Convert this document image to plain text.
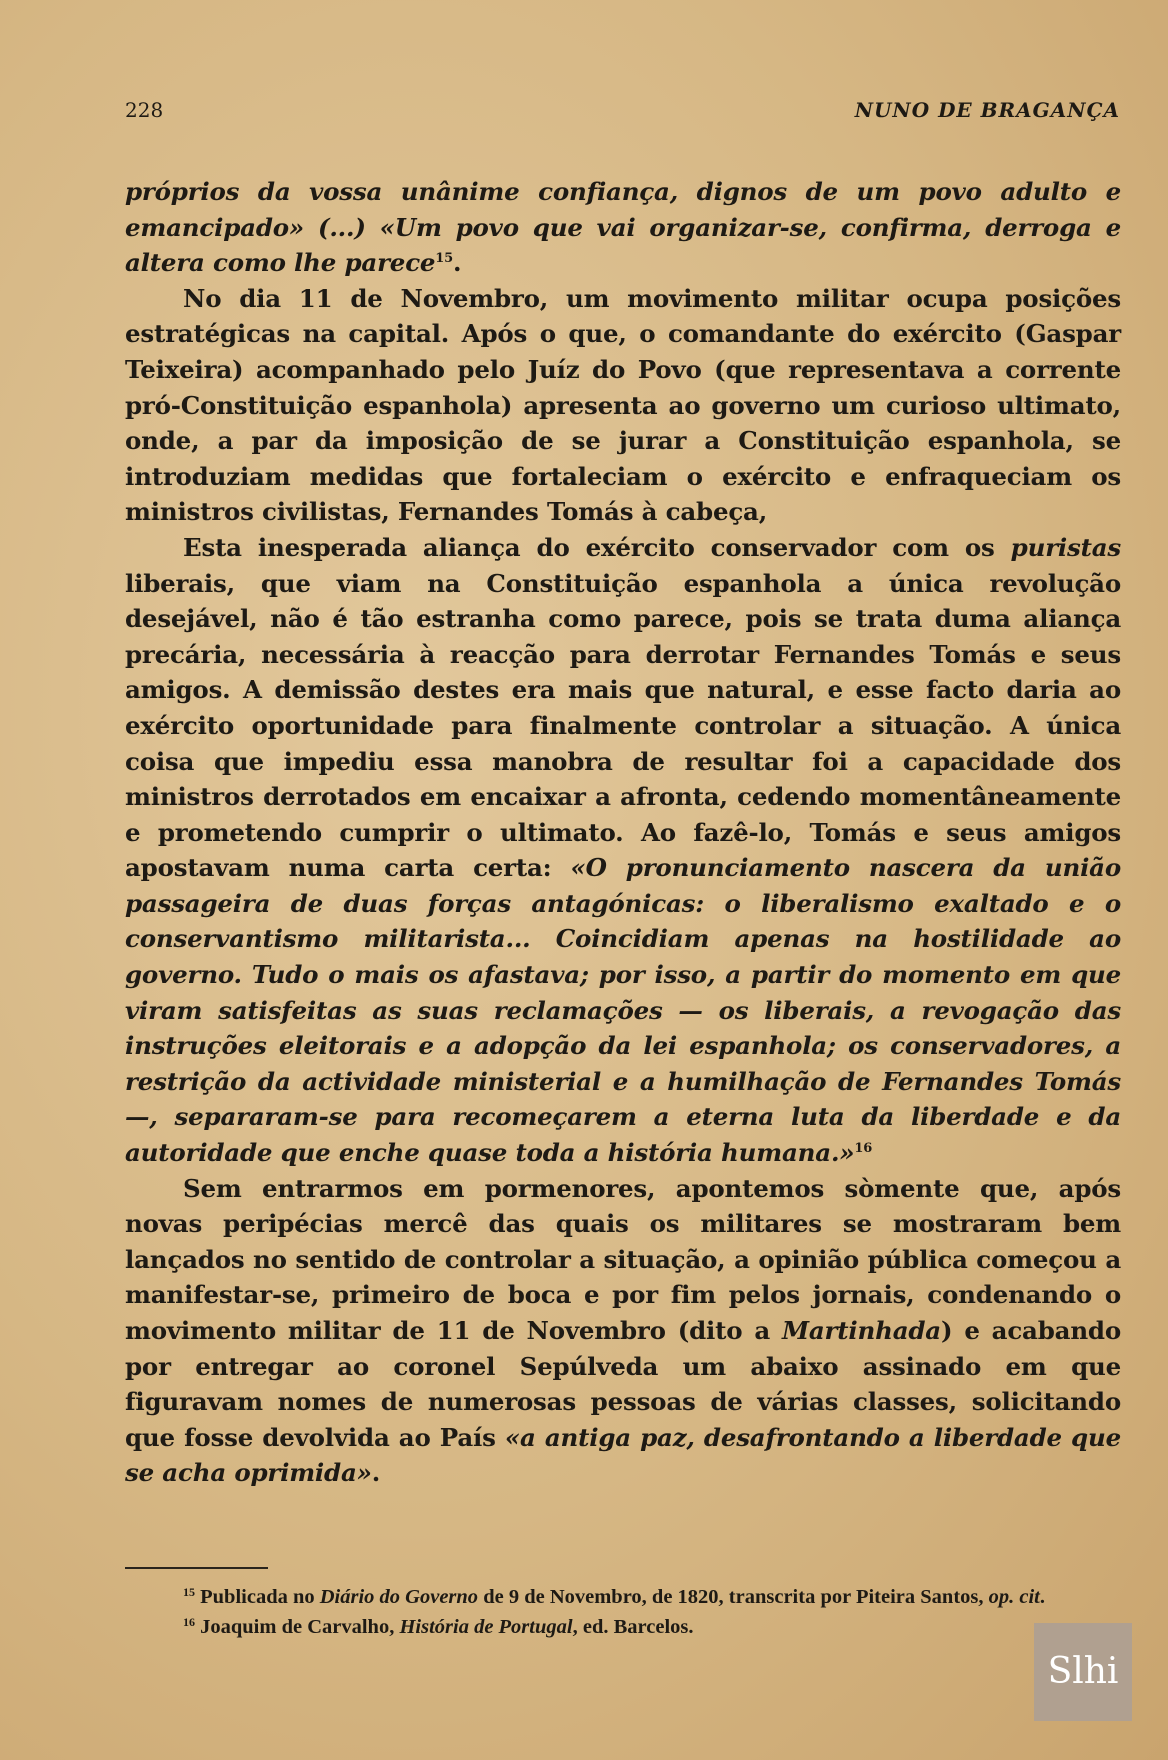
228	NUNO DE BRAGANÇA

próprios da vossa unânime confiança, dignos de um povo adulto e emancipado» (...) «Um povo que vai organizar-se, confirma, derroga e altera como lhe parece$^{15}$.

No dia 11 de Novembro, um movimento militar ocupa posições estratégicas na capital. Após o que, o comandante do exército (Gaspar Teixeira) acompanhado pelo Juíz do Povo (que representava a corrente pró-Constituição espanhola) apresenta ao governo um curioso ultimato, onde, a par da imposição de se jurar a Constituição espanhola, se introduziam medidas que fortaleciam o exército e enfraqueciam os ministros civilistas, Fernandes Tomás à cabeça,

Esta inesperada aliança do exército conservador com os puristas liberais, que viam na Constituição espanhola a única revolução desejável, não é tão estranha como parece, pois se trata duma aliança precária, necessária à reacção para derrotar Fernandes Tomás e seus amigos. A demissão destes era mais que natural, e esse facto daria ao exército oportunidade para finalmente controlar a situação. A única coisa que impediu essa manobra de resultar foi a capacidade dos ministros derrotados em encaixar a afronta, cedendo momentâneamente e prometendo cumprir o ultimato. Ao fazê-lo, Tomás e seus amigos apostavam numa carta certa: «O pronunciamento nascera da união passageira de duas forças antagónicas: o liberalismo exaltado e o conservantismo militarista... Coincidiam apenas na hostilidade ao governo. Tudo o mais os afastava; por isso, a partir do momento em que viram satisfeitas as suas reclamações — os liberais, a revogação das instruções eleitorais e a adopção da lei espanhola; os conservadores, a restrição da actividade ministerial e a humilhação de Fernandes Tomás —, separaram-se para recomeçarem a eterna luta da liberdade e da autoridade que enche quase toda a história humana.»$^{16}$

Sem entrarmos em pormenores, apontemos sòmente que, após novas peripécias mercê das quais os militares se mostraram bem lançados no sentido de controlar a situação, a opinião pública começou a manifestar-se, primeiro de boca e por fim pelos jornais, condenando o movimento militar de 11 de Novembro (dito a Martinhada) e acabando por entregar ao coronel Sepúlveda um abaixo assinado em que figuravam nomes de numerosas pessoas de várias classes, solicitando que fosse devolvida ao País «a antiga paz, desafrontando a liberdade que se acha oprimida».

$^{15}$ Publicada no Diário do Governo de 9 de Novembro, de 1820, transcrita por Piteira Santos, op. cit.

$^{16}$ Joaquim de Carvalho, História de Portugal, ed. Barcelos.

Slhi
